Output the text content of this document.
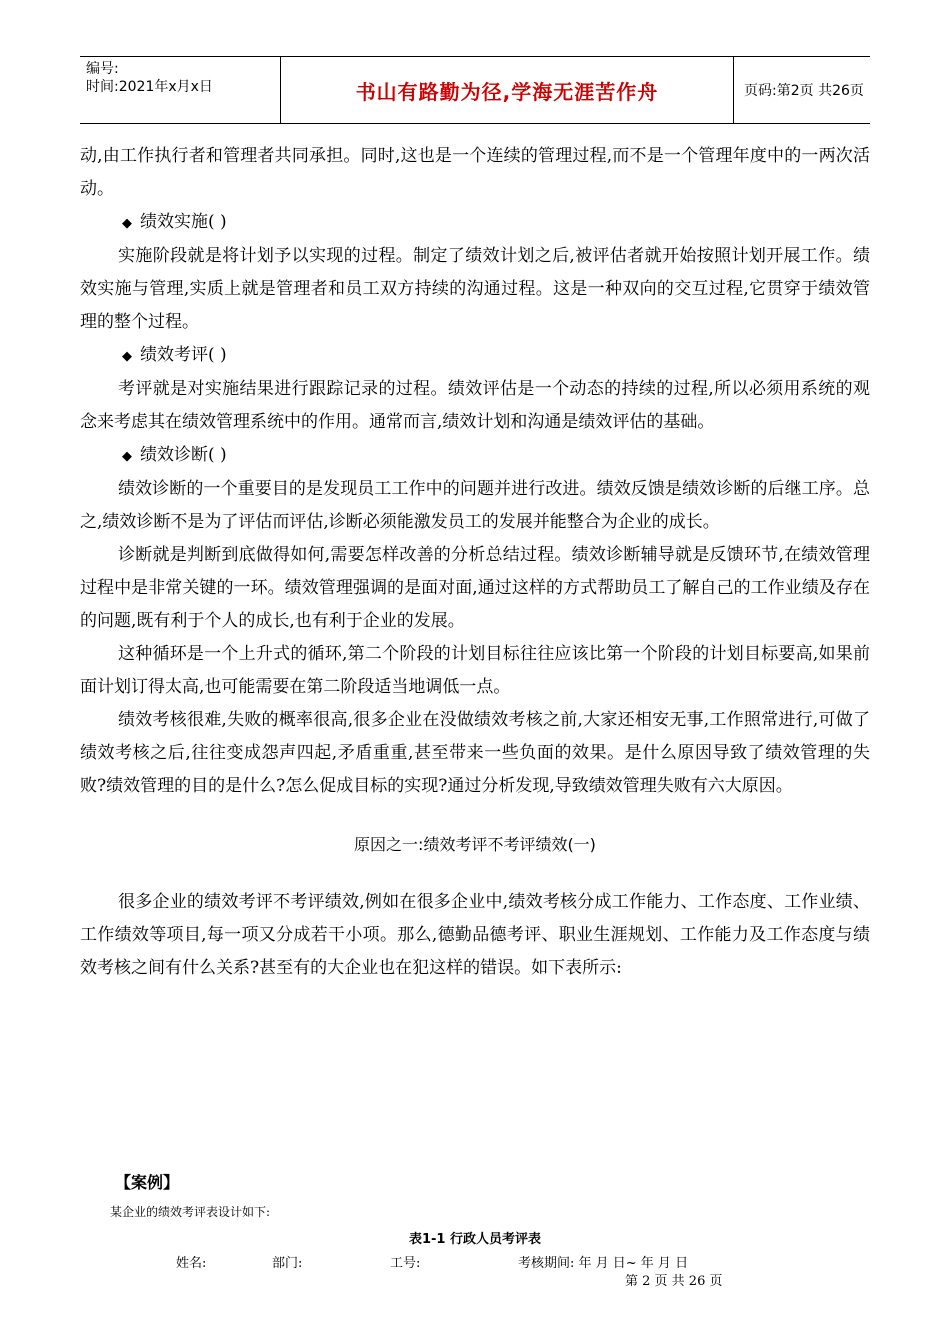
编号:
时间:2021年x月x日	书山有路勤为径,学海无涯苦作舟	页码:第2页 共26页

动,由工作执行者和管理者共同承担。同时,这也是一个连续的管理过程,而不是一个管理年度中的一两次活动。

◆ 绩效实施( )

实施阶段就是将计划予以实现的过程。制定了绩效计划之后,被评估者就开始按照计划开展工作。绩效实施与管理,实质上就是管理者和员工双方持续的沟通过程。这是一种双向的交互过程,它贯穿于绩效管理的整个过程。

◆ 绩效考评( )

考评就是对实施结果进行跟踪记录的过程。绩效评估是一个动态的持续的过程,所以必须用系统的观念来考虑其在绩效管理系统中的作用。通常而言,绩效计划和沟通是绩效评估的基础。

◆ 绩效诊断( )

绩效诊断的一个重要目的是发现员工工作中的问题并进行改进。绩效反馈是绩效诊断的后继工序。总之,绩效诊断不是为了评估而评估,诊断必须能激发员工的发展并能整合为企业的成长。

诊断就是判断到底做得如何,需要怎样改善的分析总结过程。绩效诊断辅导就是反馈环节,在绩效管理过程中是非常关键的一环。绩效管理强调的是面对面,通过这样的方式帮助员工了解自己的工作业绩及存在的问题,既有利于个人的成长,也有利于企业的发展。

这种循环是一个上升式的循环,第二个阶段的计划目标往往应该比第一个阶段的计划目标要高,如果前面计划订得太高,也可能需要在第二阶段适当地调低一点。

绩效考核很难,失败的概率很高,很多企业在没做绩效考核之前,大家还相安无事,工作照常进行,可做了绩效考核之后,往往变成怨声四起,矛盾重重,甚至带来一些负面的效果。是什么原因导致了绩效管理的失败?绩效管理的目的是什么?怎么促成目标的实现?通过分析发现,导致绩效管理失败有六大原因。

原因之一:绩效考评不考评绩效(一)

很多企业的绩效考评不考评绩效,例如在很多企业中,绩效考核分成工作能力、工作态度、工作业绩、工作绩效等项目,每一项又分成若干小项。那么,德勤品德考评、职业生涯规划、工作能力及工作态度与绩效考核之间有什么关系?甚至有的大企业也在犯这样的错误。如下表所示:

【案例】
某企业的绩效考评表设计如下:
表1-1 行政人员考评表
姓名:	部门:	工号:	考核期间: 年 月 日~ 年 月 日
第 2 页 共 26 页
